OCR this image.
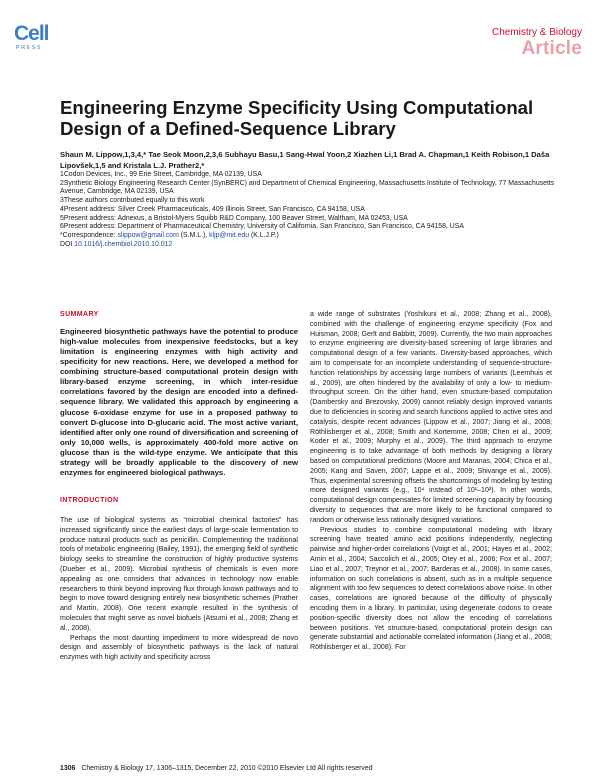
Cell
PRESS
Chemistry & Biology
Article
Engineering Enzyme Specificity Using Computational Design of a Defined-Sequence Library
Shaun M. Lippow,1,3,4,* Tae Seok Moon,2,3,6 Subhayu Basu,1 Sang-Hwal Yoon,2 Xiazhen Li,1 Brad A. Chapman,1 Keith Robison,1 Daša Lipovšek,1,5 and Kristala L.J. Prather2,*
1Codon Devices, Inc., 99 Erie Street, Cambridge, MA 02139, USA
2Synthetic Biology Engineering Research Center (SynBERC) and Department of Chemical Engineering, Massachusetts Institute of Technology, 77 Massachusetts Avenue, Cambridge, MA 02139, USA
3These authors contributed equally to this work
4Present address: Silver Creek Pharmaceuticals, 409 Illinois Street, San Francisco, CA 94158, USA
5Present address: Adnexus, a Bristol-Myers Squibb R&D Company, 100 Beaver Street, Waltham, MA 02453, USA
6Present address: Department of Pharmaceutical Chemistry, University of California, San Francisco, San Francisco, CA 94158, USA
*Correspondence: slippow@gmail.com (S.M.L.), kljp@mit.edu (K.L.J.P.)
DOI 10.1016/j.chembiol.2010.10.012
SUMMARY
Engineered biosynthetic pathways have the potential to produce high-value molecules from inexpensive feedstocks, but a key limitation is engineering enzymes with high activity and specificity for new reactions. Here, we developed a method for combining structure-based computational protein design with library-based enzyme screening, in which inter-residue correlations favored by the design are encoded into a defined-sequence library. We validated this approach by engineering a glucose 6-oxidase enzyme for use in a proposed pathway to convert D-glucose into D-glucaric acid. The most active variant, identified after only one round of diversification and screening of only 10,000 wells, is approximately 400-fold more active on glucose than is the wild-type enzyme. We anticipate that this strategy will be broadly applicable to the discovery of new enzymes for engineered biological pathways.
INTRODUCTION

The use of biological systems as “microbial chemical factories” has increased significantly since the earliest days of large-scale fermentation to produce natural products such as penicillin. Complementing the traditional tools of metabolic engineering (Bailey, 1991), the emerging field of synthetic biology seeks to streamline the construction of highly productive systems (Dueber et al., 2009). Microbial synthesis of chemicals is even more appealing as one considers that advances in technology now enable researchers to think beyond improving flux through known pathways and to begin to move toward designing entirely new biosynthetic schemes (Prather and Martin, 2008). One recent example resulted in the synthesis of molecules that might serve as novel biofuels (Atsumi et al., 2008; Zhang et al., 2008).

Perhaps the most daunting impediment to more widespread de novo design and assembly of biosynthetic pathways is the lack of natural enzymes with high activity and specificity across

a wide range of substrates (Yoshikuni et al., 2008; Zhang et al., 2008), combined with the challenge of engineering enzyme specificity (Fox and Huisman, 2008; Gerlt and Babbitt, 2009). Currently, the two main approaches to enzyme engineering are diversity-based screening of large libraries and computational design of a few variants. Diversity-based approaches, which aim to compensate for an incomplete understanding of sequence-structure-function relationships by accessing large numbers of variants (Leemhuis et al., 2009), are often hindered by the availability of only a low- to medium-throughput screen. On the other hand, even structure-based computation (Dambersky and Brezovsky, 2009) cannot reliably design improved variants due to deficiencies in scoring and search functions applied to active sites and catalysis, despite recent advances (Lippow et al., 2007; Jiang et al., 2008; Röthlisberger et al., 2008; Smith and Kortemme, 2008; Chen et al., 2009; Koder et al., 2009; Murphy et al., 2009). The third approach to enzyme engineering is to take advantage of both methods by designing a library based on computational predictions (Moore and Maranas, 2004; Chica et al., 2005; Kang and Saven, 2007; Lappe et al., 2009; Shivange et al., 2009). Thus, experimental screening offsets the shortcomings of modeling by testing more designed variants (e.g., 10⁴ instead of 10¹–10²). In other words, computational design compensates for limited screening capacity by focusing diversity to sequences that are more likely to be functional compared to random or otherwise less rationally designed variations.

Previous studies to combine computational modeling with library screening have treated amino acid positions independently, neglecting pairwise and higher-order correlations (Voigt et al., 2001; Hayes et al., 2002; Amin et al., 2004; Saccolich et al., 2005; Otey et al., 2006; Fox et al., 2007; Liao et al., 2007; Treynor et al., 2007; Barderas et al., 2008). In some cases, information on such correlations is absent, such as in a multiple sequence alignment with too few sequences to detect correlations above noise. In other cases, correlations are ignored because of the difficulty of physically encoding them in a library. In particular, using degenerate codons to create position-specific diversity does not allow the encoding of correlations between positions. Yet structure-based, computational protein design can generate substantial and actionable correlated information (Jiang et al., 2008; Röthlisberger et al., 2008). For

1306 Chemistry & Biology 17, 1306–1315, December 22, 2010 ©2010 Elsevier Ltd All rights reserved
